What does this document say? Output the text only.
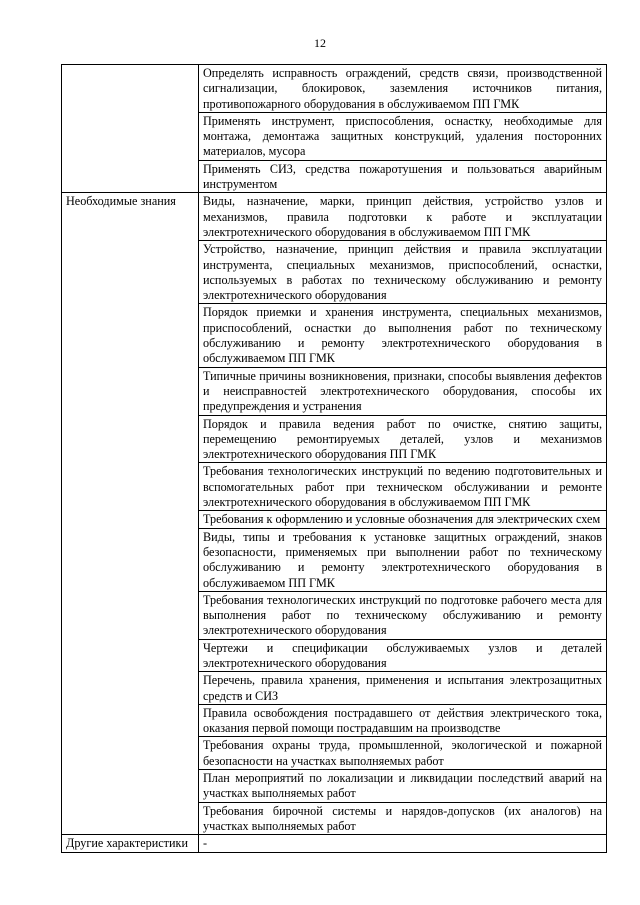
12
	Определять исправность ограждений, средств связи, производственной сигнализации, блокировок, заземления источников питания, противопожарного оборудования в обслуживаемом ПП ГМК
	Применять инструмент, приспособления, оснастку, необходимые для монтажа, демонтажа защитных конструкций, удаления посторонних материалов, мусора
	Применять СИЗ, средства пожаротушения и пользоваться аварийным инструментом
Необходимые знания	Виды, назначение, марки, принцип действия, устройство узлов и механизмов, правила подготовки к работе и эксплуатации электротехнического оборудования в обслуживаемом ПП ГМК
	Устройство, назначение, принцип действия и правила эксплуатации инструмента, специальных механизмов, приспособлений, оснастки, используемых в работах по техническому обслуживанию и ремонту электротехнического оборудования
	Порядок приемки и хранения инструмента, специальных механизмов, приспособлений, оснастки до выполнения работ по техническому обслуживанию и ремонту электротехнического оборудования в обслуживаемом ПП ГМК
	Типичные причины возникновения, признаки, способы выявления дефектов и неисправностей электротехнического оборудования, способы их предупреждения и устранения
	Порядок и правила ведения работ по очистке, снятию защиты, перемещению ремонтируемых деталей, узлов и механизмов электротехнического оборудования ПП ГМК
	Требования технологических инструкций по ведению подготовительных и вспомогательных работ при техническом обслуживании и ремонте электротехнического оборудования в обслуживаемом ПП ГМК
	Требования к оформлению и условные обозначения для электрических схем
	Виды, типы и требования к установке защитных ограждений, знаков безопасности, применяемых при выполнении работ по техническому обслуживанию и ремонту электротехнического оборудования в обслуживаемом ПП ГМК
	Требования технологических инструкций по подготовке рабочего места для выполнения работ по техническому обслуживанию и ремонту электротехнического оборудования
	Чертежи и спецификации обслуживаемых узлов и деталей электротехнического оборудования
	Перечень, правила хранения, применения и испытания электрозащитных средств и СИЗ
	Правила освобождения пострадавшего от действия электрического тока, оказания первой помощи пострадавшим на производстве
	Требования охраны труда, промышленной, экологической и пожарной безопасности на участках выполняемых работ
	План мероприятий по локализации и ликвидации последствий аварий на участках выполняемых работ
	Требования бирочной системы и нарядов-допусков (их аналогов) на участках выполняемых работ
Другие характеристики	-
